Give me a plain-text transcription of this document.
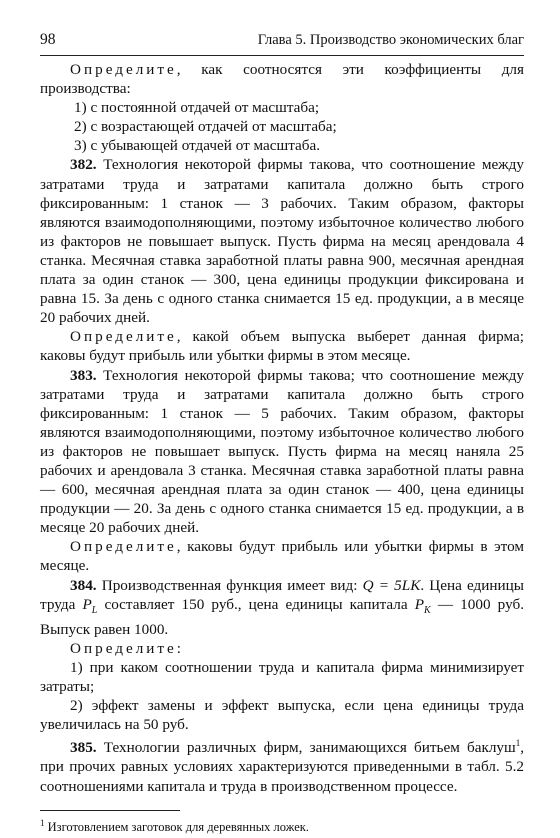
98	Глава 5. Производство экономических благ

Определите, как соотносятся эти коэффициенты для производства:

1) с постоянной отдачей от масштаба;

2) с возрастающей отдачей от масштаба;

3) с убывающей отдачей от масштаба.

382. Технология некоторой фирмы такова, что соотношение между затратами труда и затратами капитала должно быть строго фиксированным: 1 станок — 3 рабочих. Таким образом, факторы являются взаимодополняющими, поэтому избыточное количество любого из факторов не повышает выпуск. Пусть фирма на месяц арендовала 4 станка. Месячная ставка заработной платы равна 900, месячная арендная плата за один станок — 300, цена единицы продукции фиксирована и равна 15. За день с одного станка снимается 15 ед. продукции, а в месяце 20 рабочих дней.

Определите, какой объем выпуска выберет данная фирма; каковы будут прибыль или убытки фирмы в этом месяце.

383. Технология некоторой фирмы такова; что соотношение между затратами труда и затратами капитала должно быть строго фиксированным: 1 станок — 5 рабочих. Таким образом, факторы являются взаимодополняющими, поэтому избыточное количество любого из факторов не повышает выпуск. Пусть фирма на месяц наняла 25 рабочих и арендовала 3 станка. Месячная ставка заработной платы равна — 600, месячная арендная плата за один станок — 400, цена единицы продукции — 20. За день с одного станка снимается 15 ед. продукции, а в месяце 20 рабочих дней.

Определите, каковы будут прибыль или убытки фирмы в этом месяце.

384. Производственная функция имеет вид: Q = 5LK. Цена единицы труда $P_L$ составляет 150 руб., цена единицы капитала $P_K$ — 1000 руб. Выпуск равен 1000.

Определите:

1) при каком соотношении труда и капитала фирма минимизирует затраты;

2) эффект замены и эффект выпуска, если цена единицы труда увеличилась на 50 руб.

385. Технологии различных фирм, занимающихся битьем баклуш$^1$, при прочих равных условиях характеризуются приведенными в табл. 5.2 соотношениями капитала и труда в производственном процессе.

$^1$ Изготовлением заготовок для деревянных ложек.
